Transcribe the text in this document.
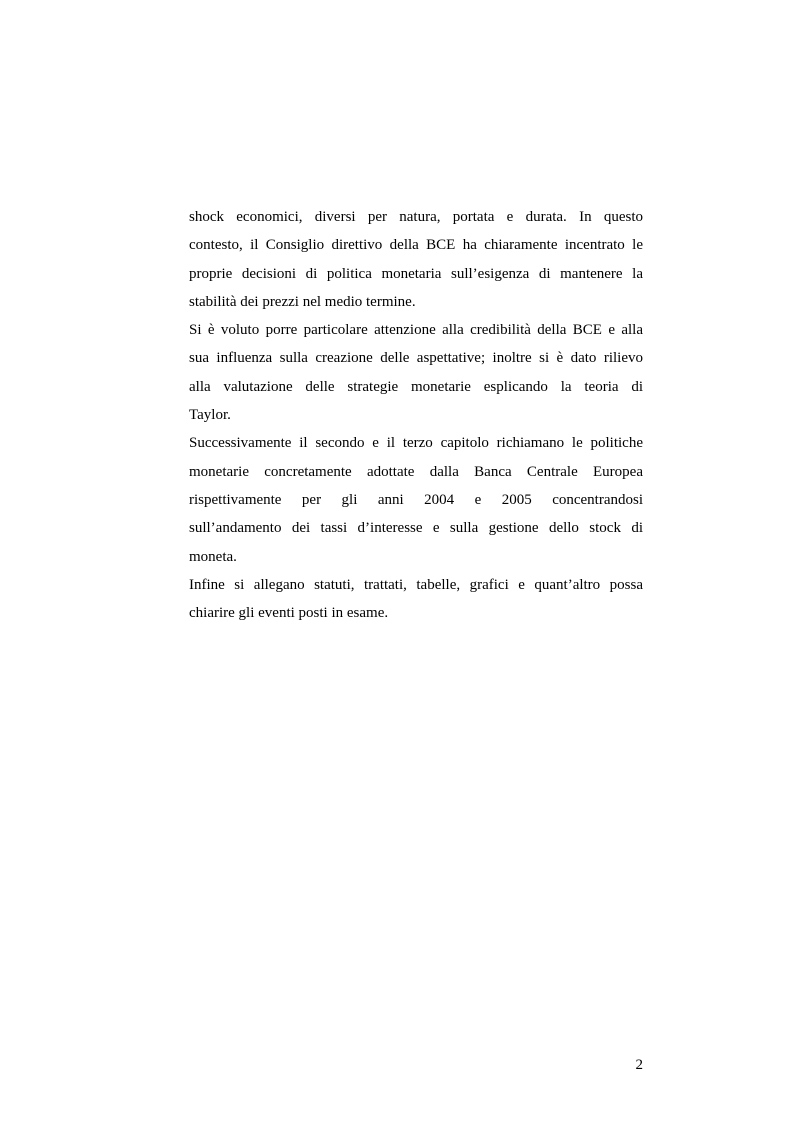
shock economici, diversi per natura, portata e durata. In questo
contesto, il Consiglio direttivo della BCE ha chiaramente incentrato le
proprie decisioni di politica monetaria sull’esigenza di mantenere la
stabilità dei prezzi nel medio termine.
Si è voluto porre particolare attenzione alla credibilità della BCE e alla
sua influenza sulla creazione delle aspettative; inoltre si è dato rilievo
alla valutazione delle strategie monetarie esplicando la teoria di
Taylor.
Successivamente il secondo e il terzo capitolo richiamano le politiche
monetarie concretamente adottate dalla Banca Centrale Europea
rispettivamente per gli anni 2004 e 2005 concentrandosi
sull’andamento dei tassi d’interesse e sulla gestione dello stock di
moneta.
Infine si allegano statuti, trattati, tabelle, grafici e quant’altro possa
chiarire gli eventi posti in esame.
2
